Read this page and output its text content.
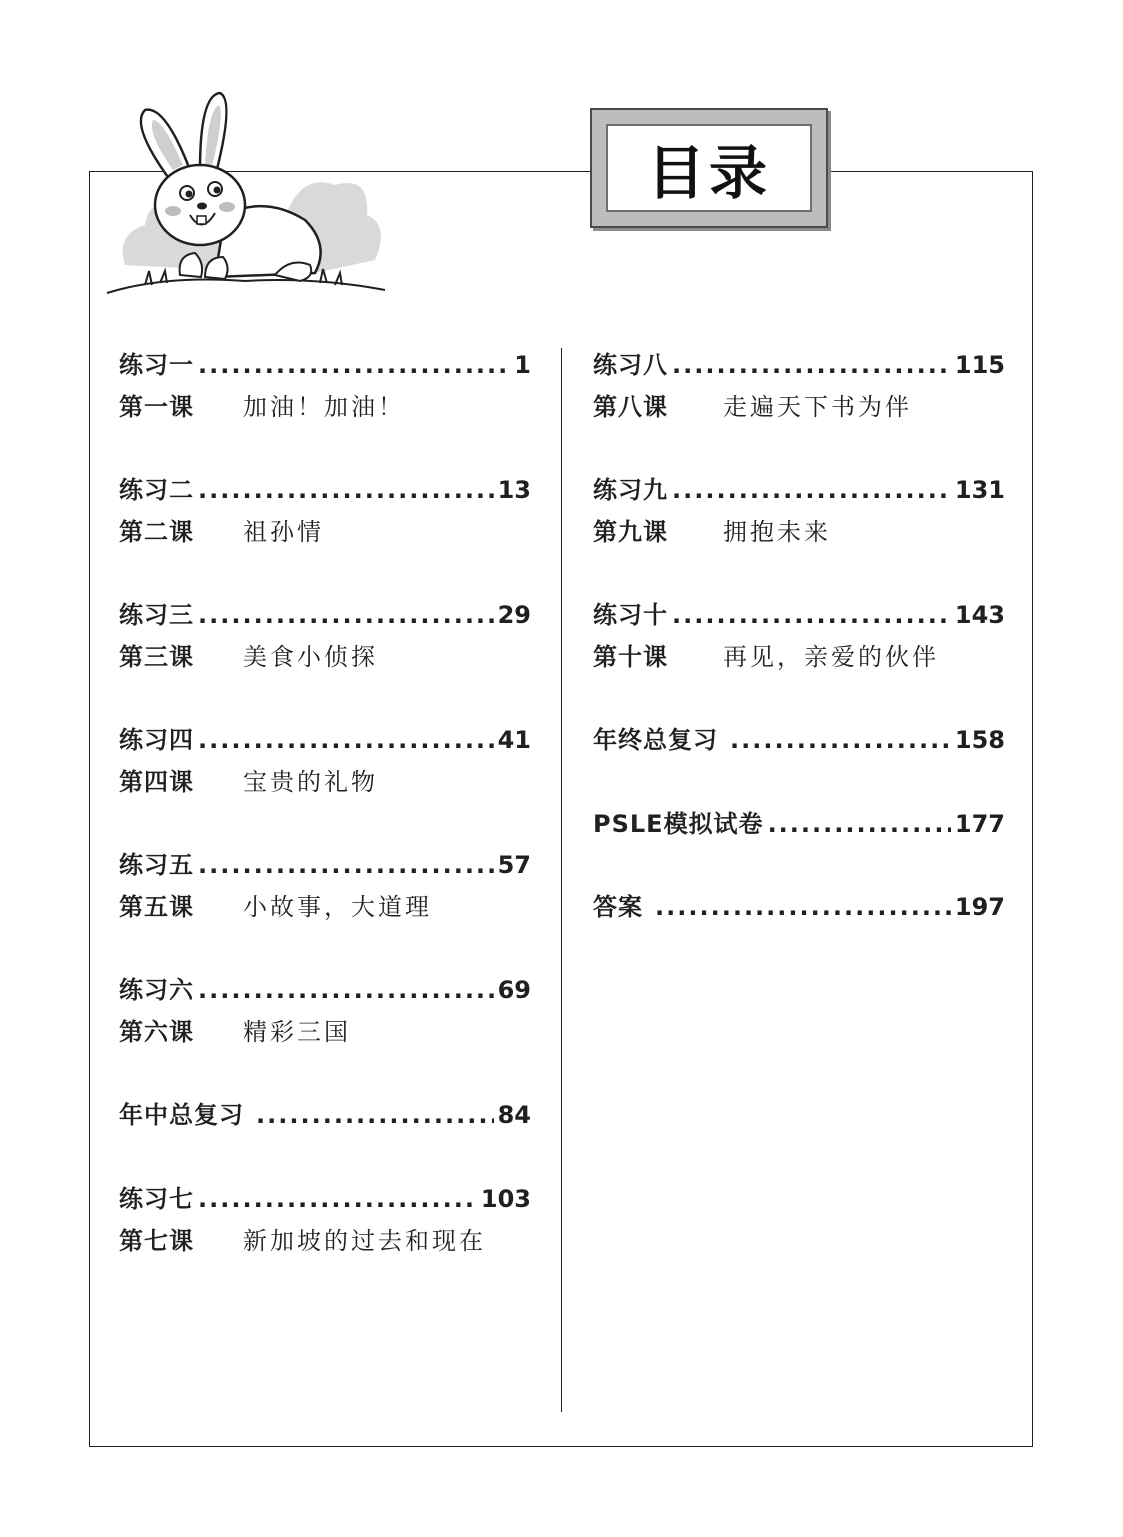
目录
练习一 .....	1
第一课	加油！加油！
练习二 .....	13
第二课	祖孙情
练习三 .....	29
第三课	美食小侦探
练习四 .....	41
第四课	宝贵的礼物
练习五 .....	57
第五课	小故事，大道理
练习六 .....	69
第六课	精彩三国
年中总复习 .....	84
练习七 .....	103
第七课	新加坡的过去和现在
练习八 .....	115
第八课	走遍天下书为伴
练习九 .....	131
第九课	拥抱未来
练习十 .....	143
第十课	再见，亲爱的伙伴
年终总复习 .....	158
PSLE模拟试卷 .....	177
答案 .....	197
